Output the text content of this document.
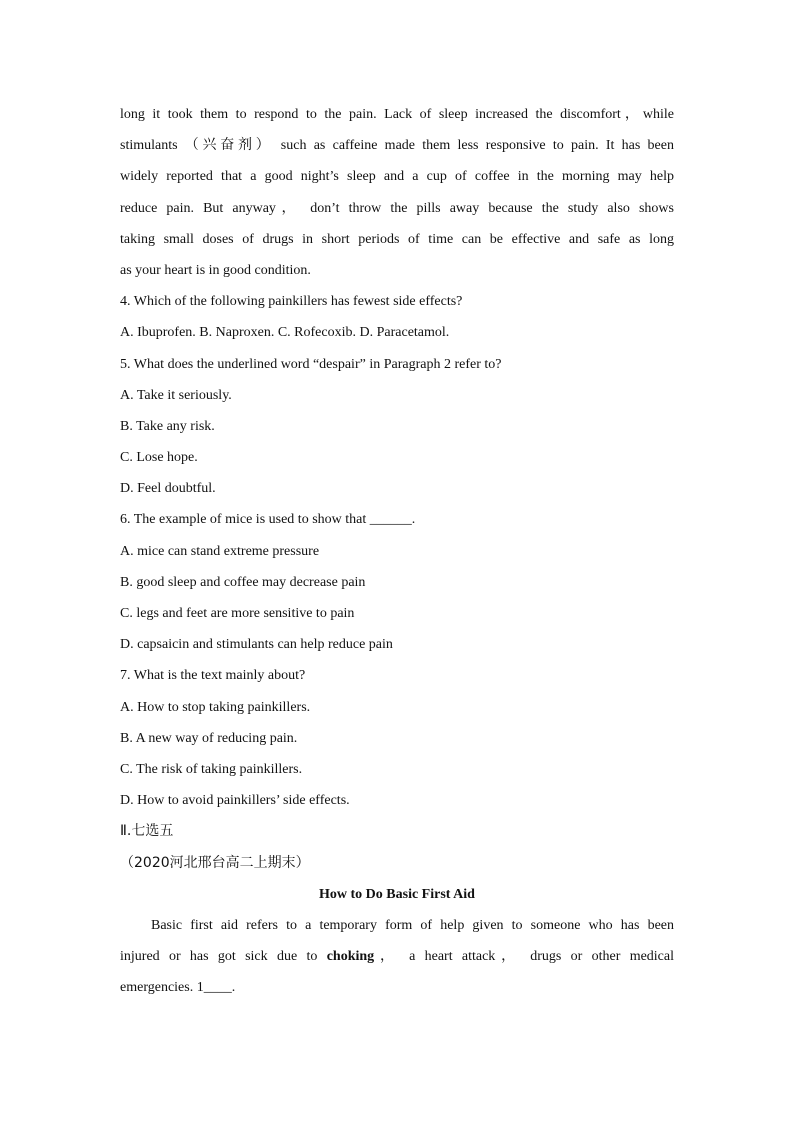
long it took them to respond to the pain. Lack of sleep increased the discomfort，while
stimulants （兴奋剂） such as caffeine made them less responsive to pain. It has been
widely reported that a good night’s sleep and a cup of coffee in the morning may help
reduce pain. But anyway， don’t throw the pills away because the study also shows
taking small doses of drugs in short periods of time can be effective and safe as long
as your heart is in good condition.
4. Which of the following painkillers has fewest side effects?
A. Ibuprofen. B. Naproxen. C. Rofecoxib. D. Paracetamol.
5. What does the underlined word “despair” in Paragraph 2 refer to?
A. Take it seriously.
B. Take any risk.
C. Lose hope.
D. Feel doubtful.
6. The example of mice is used to show that ______.
A. mice can stand extreme pressure
B. good sleep and coffee may decrease pain
C. legs and feet are more sensitive to pain
D. capsaicin and stimulants can help reduce pain
7. What is the text mainly about?
A. How to stop taking painkillers.
B. A new way of reducing pain.
C. The risk of taking painkillers.
D. How to avoid painkillers’ side effects.
Ⅱ.七选五
（2020河北邢台高二上期末）
How to Do Basic First Aid
Basic first aid refers to a temporary form of help given to someone who has been
injured or has got sick due to choking， a heart attack， drugs or other medical
emergencies. 1____.
